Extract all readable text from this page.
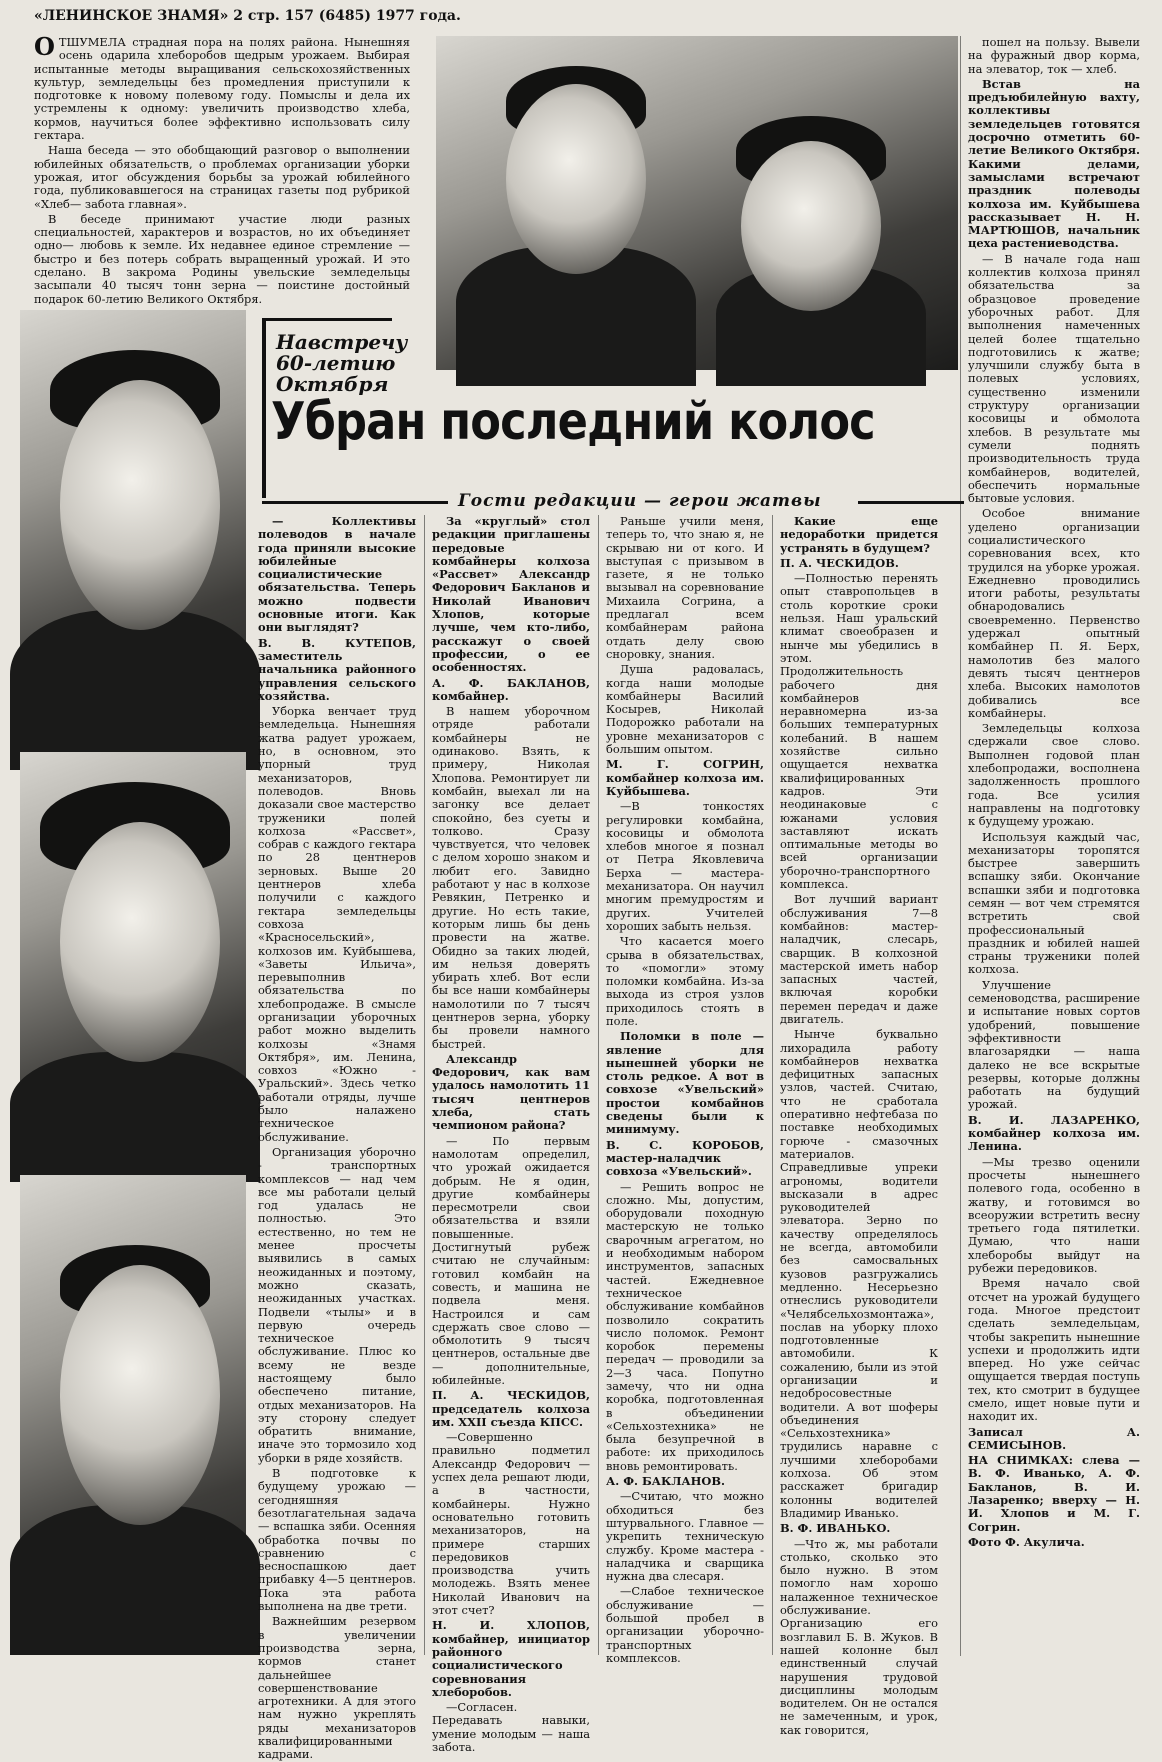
«ЛЕНИНСКОЕ ЗНАМЯ» 2 стр. 157 (6485) 1977 года.
О ТШУМЕЛА страдная пора на полях района. Нынешняя осень одарила хлеборобов щедрым урожаем. Выбирая испытанные методы выращивания сельскохозяйственных культур, земледельцы без промедления приступили к подготовке к новому полевому году. Помыслы и дела их устремлены к одному: увеличить производство хлеба, кормов, научиться более эффективно использовать силу гектара.

Наша беседа — это обобщающий разговор о выполнении юбилейных обязательств, о проблемах организации уборки урожая, итог обсуждения борьбы за урожай юбилейного года, публиковавшегося на страницах газеты под рубрикой «Хлеб— забота главная».

В беседе принимают участие люди разных специальностей, характеров и возрастов, но их объединяет одно— любовь к земле. Их недавнее единое стремление — быстро и без потерь собрать выращенный урожай. И это сделано. В закрома Родины увельские земледельцы засыпали 40 тысяч тонн зерна — поистине достойный подарок 60-летию Великого Октября.

Навстречу
60-летию
Октября
Убран последний колос
Гости редакции — герои жатвы

— Коллективы полеводов в начале года приняли высокие юбилейные социалистические обязательства. Теперь можно подвести основные итоги. Как они выглядят?

В. В. КУТЕПОВ, заместитель начальника районного управления сельского хозяйства.

Уборка венчает труд земледельца. Нынешняя жатва радует урожаем, но, в основном, это упорный труд механизаторов, полеводов. Вновь доказали свое мастерство труженики полей колхоза «Рассвет», собрав с каждого гектара по 28 центнеров зерновых. Выше 20 центнеров хлеба получили с каждого гектара земледельцы совхоза «Красносельский», колхозов им. Куйбышева, «Заветы Ильича», перевыполнив обязательства по хлебопродаже. В смысле организации уборочных работ можно выделить колхозы «Знамя Октября», им. Ленина, совхоз «Южно - Уральский». Здесь четко работали отряды, лучше было налажено техническое обслуживание.

Организация уборочно - транспортных комплексов — над чем все мы работали целый год удалась не полностью. Это естественно, но тем не менее просчеты выявились в самых неожиданных и поэтому, можно сказать, неожиданных участках. Подвели «тылы» и в первую очередь техническое обслуживание. Плюс ко всему не везде настоящему было обеспечено питание, отдых механизаторов. На эту сторону следует обратить внимание, иначе это тормозило ход уборки в ряде хозяйств.

В подготовке к будущему урожаю — сегодняшняя безотлагательная задача — вспашка зяби. Осенняя обработка почвы по сравнению с весноспашкою дает прибавку 4—5 центнеров. Пока эта работа выполнена на две трети.

Важнейшим резервом в увеличении производства зерна, кормов станет дальнейшее совершенствование агротехники. А для этого нам нужно укреплять ряды механизаторов квалифицированными кадрами.

За «круглый» стол редакции приглашены передовые комбайнеры колхоза «Рассвет» Александр Федорович Бакланов и Николай Иванович Хлопов, которые лучше, чем кто-либо, расскажут о своей профессии, о ее особенностях.

А. Ф. БАКЛАНОВ, комбайнер.

В нашем уборочном отряде работали комбайнеры не одинаково. Взять, к примеру, Николая Хлопова. Ремонтирует ли комбайн, выехал ли на загонку все делает спокойно, без суеты и толково. Сразу чувствуется, что человек с делом хорошо знаком и любит его. Завидно работают у нас в колхозе Ревякин, Петренко и другие. Но есть такие, которым лишь бы день провести на жатве. Обидно за таких людей, им нельзя доверять убирать хлеб. Вот если бы все наши комбайнеры намолотили по 7 тысяч центнеров зерна, уборку бы провели намного быстрей.

Александр Федорович, как вам удалось намолотить 11 тысяч центнеров хлеба, стать чемпионом района?

— По первым намолотам определил, что урожай ожидается добрым. Не я один, другие комбайнеры пересмотрели свои обязательства и взяли повышенные. Достигнутый рубеж считаю не случайным: готовил комбайн на совесть, и машина не подвела меня. Настроился и сам сдержать свое слово — обмолотить 9 тысяч центнеров, остальные две — дополнительные, юбилейные.

П. А. ЧЕСКИДОВ, председатель колхоза им. XXII съезда КПСС.

—Совершенно правильно подметил Александр Федорович — успех дела решают люди, а в частности, комбайнеры. Нужно основательно готовить механизаторов, на примере старших передовиков производства учить молодежь. Взять менее Николай Иванович на этот счет?

Н. И. ХЛОПОВ, комбайнер, инициатор районного социалистического соревнования хлеборобов.

—Согласен. Передавать навыки, умение молодым — наша забота.

Раньше учили меня, теперь то, что знаю я, не скрываю ни от кого. И выступая с призывом в газете, я не только вызывал на соревнование Михаила Согрина, а предлагал всем комбайнерам района отдать делу свою сноровку, знания.

Душа радовалась, когда наши молодые комбайнеры Василий Косырев, Николай Подорожко работали на уровне механизаторов с большим опытом.

М. Г. СОГРИН, комбайнер колхоза им. Куйбышева.

—В тонкостях регулировки комбайна, косовицы и обмолота хлебов многое я познал от Петра Яковлевича Берха — мастера-механизатора. Он научил многим премудростям и других. Учителей хороших забыть нельзя.

Что касается моего срыва в обязательствах, то «помогли» этому поломки комбайна. Из-за выхода из строя узлов приходилось стоять в поле.

Поломки в поле —явление для нынешней уборки не столь редкое. А вот в совхозе «Увельский» простои комбайнов сведены были к минимуму.

В. С. КОРОБОВ, мастер-наладчик совхоза «Увельский».

— Решить вопрос не сложно. Мы, допустим, оборудовали походную мастерскую не только сварочным агрегатом, но и необходимым набором инструментов, запасных частей. Ежедневное техническое обслуживание комбайнов позволило сократить число поломок. Ремонт коробок перемены передач — проводили за 2—3 часа. Попутно замечу, что ни одна коробка, подготовленная в объединении «Сельхозтехника» не была безупречной в работе: их приходилось вновь ремонтировать.

А. Ф. БАКЛАНОВ.

—Считаю, что можно обходиться без штурвального. Главное — укрепить техническую службу. Кроме мастера - наладчика и сварщика нужна два слесаря.

—Слабое техническое обслуживание — большой пробел в организации уборочно-транспортных комплексов.

Какие еще недоработки придется устранять в будущем?

П. А. ЧЕСКИДОВ.

—Полностью перенять опыт ставропольцев в столь короткие сроки нельзя. Наш уральский климат своеобразен и нынче мы убедились в этом. Продолжительность рабочего дня комбайнеров неравномерна из-за больших температурных колебаний. В нашем хозяйстве сильно ощущается нехватка квалифицированных кадров. Эти неодинаковые с южанами условия заставляют искать оптимальные методы во всей организации уборочно-транспортного комплекса.

Вот лучший вариант обслуживания 7—8 комбайнов: мастер-наладчик, слесарь, сварщик. В колхозной мастерской иметь набор запасных частей, включая коробки перемен передач и даже двигатель.

Нынче буквально лихорадила работу комбайнеров нехватка дефицитных запасных узлов, частей. Считаю, что не сработала оперативно нефтебаза по поставке необходимых горюче - смазочных материалов. Справедливые упреки агрономы, водители высказали в адрес руководителей элеватора. Зерно по качеству определялось не всегда, автомобили без самосвальных кузовов разгружались медленно. Несерьезно отнеслись руководители «Челябсельхозмонтажа», послав на уборку плохо подготовленные автомобили. К сожалению, были из этой организации и недобросовестные водители. А вот шоферы объединения «Сельхозтехника» трудились наравне с лучшими хлеборобами колхоза. Об этом расскажет бригадир колонны водителей Владимир Иванько.

В. Ф. ИВАНЬКО.

—Что ж, мы работали столько, сколько это было нужно. В этом помогло нам хорошо налаженное техническое обслуживание. Организацию его возглавил Б. В. Жуков. В нашей колонне был единственный случай нарушения трудовой дисциплины молодым водителем. Он не остался не замеченным, и урок, как говорится,

пошел на пользу. Вывели на фуражный двор корма, на элеватор, ток — хлеб.

Встав на предъюбилейную вахту, коллективы земледельцев готовятся досрочно отметить 60-летие Великого Октября. Какими делами, замыслами встречают праздник полеводы колхоза им. Куйбышева рассказывает Н. Н. МАРТЮШОВ, начальник цеха растениеводства.

— В начале года наш коллектив колхоза принял обязательства за образцовое проведение уборочных работ. Для выполнения намеченных целей более тщательно подготовились к жатве; улучшили службу быта в полевых условиях, существенно изменили структуру организации косовицы и обмолота хлебов. В результате мы сумели поднять производительность труда комбайнеров, водителей, обеспечить нормальные бытовые условия.

Особое внимание уделено организации социалистического соревнования всех, кто трудился на уборке урожая. Ежедневно проводились итоги работы, результаты обнародовались своевременно. Первенство удержал опытный комбайнер П. Я. Берх, намолотив без малого девять тысяч центнеров хлеба. Высоких намолотов добивались все комбайнеры.

Земледельцы колхоза сдержали свое слово. Выполнен годовой план хлебопродажи, восполнена задолженность прошлого года. Все усилия направлены на подготовку к будущему урожаю.

Используя каждый час, механизаторы торопятся быстрее завершить вспашку зяби. Окончание вспашки зяби и подготовка семян — вот чем стремятся встретить свой профессиональный праздник и юбилей нашей страны труженики полей колхоза.

Улучшение семеноводства, расширение и испытание новых сортов удобрений, повышение эффективности влагозарядки — наша далеко не все вскрытые резервы, которые должны работать на будущий урожай.

В. И. ЛАЗАРЕНКО, комбайнер колхоза им. Ленина.

—Мы трезво оценили просчеты нынешнего полевого года, особенно в жатву, и готовимся во всеоружии встретить весну третьего года пятилетки. Думаю, что наши хлеборобы выйдут на рубежи передовиков.

Время начало свой отсчет на урожай будущего года. Многое предстоит сделать земледельцам, чтобы закрепить нынешние успехи и продолжить идти вперед. Но уже сейчас ощущается твердая поступь тех, кто смотрит в будущее смело, ищет новые пути и находит их.

Записал А. СЕМИСЫНОВ.

НА СНИМКАХ: слева — В. Ф. Иванько, А. Ф. Бакланов, В. И. Лазаренко; вверху — Н. И. Хлопов и М. Г. Согрин.

Фото Ф. Акулича.
